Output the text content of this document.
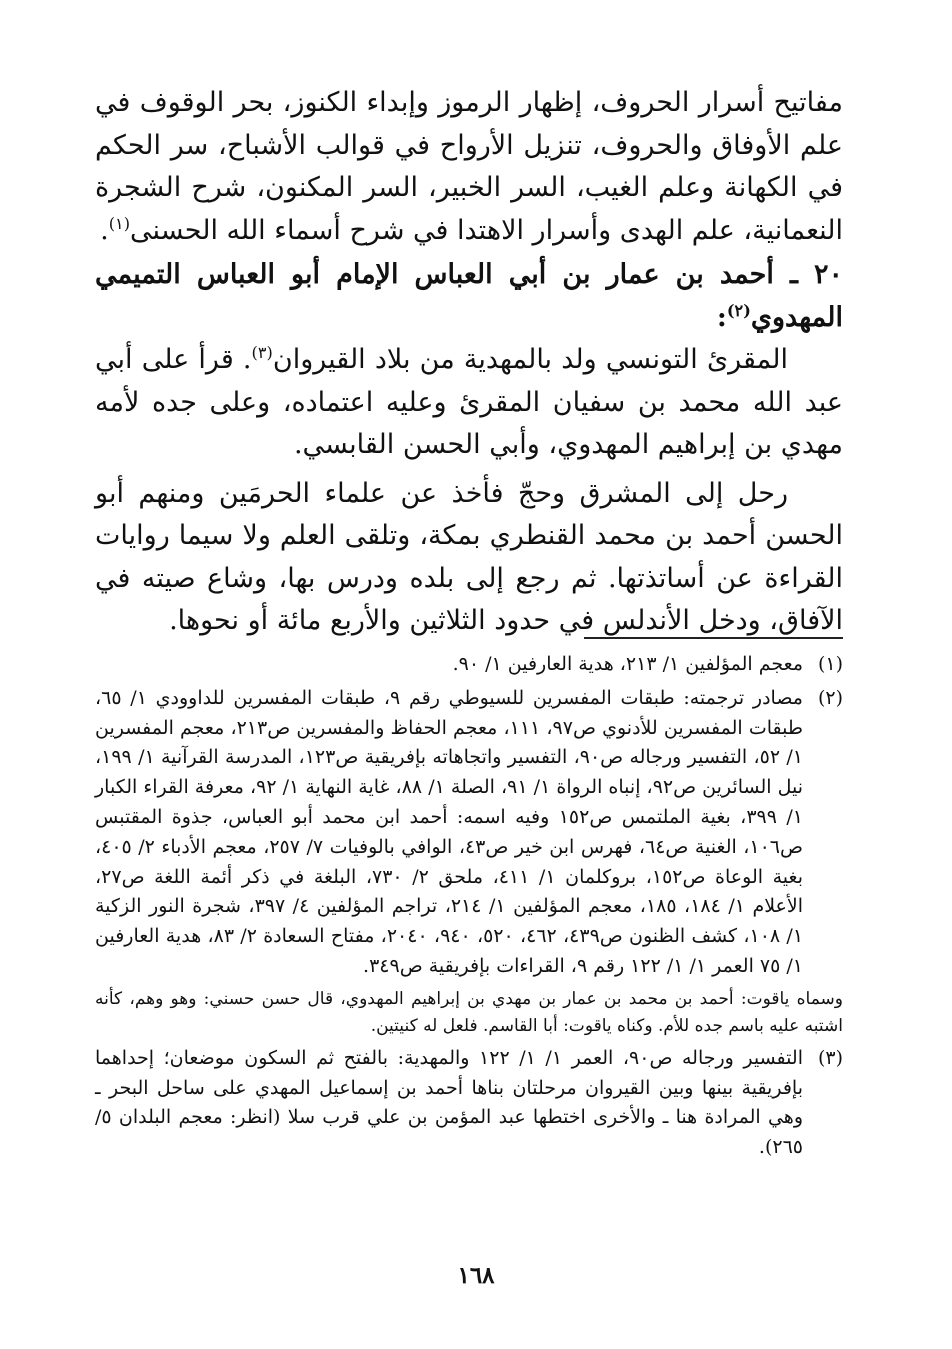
مفاتيح أسرار الحروف، إظهار الرموز وإبداء الكنوز، بحر الوقوف في علم الأوفاق والحروف، تنزيل الأرواح في قوالب الأشباح، سر الحكم في الكهانة وعلم الغيب، السر الخبير، السر المكنون، شرح الشجرة النعمانية، علم الهدى وأسرار الاهتدا في شرح أسماء الله الحسنى$^{(١)}$.

٢٠ ـ أحمد بن عمار بن أبي العباس الإمام أبو العباس التميمي المهدوي$^{(٢)}$:

المقرئ التونسي ولد بالمهدية من بلاد القيروان$^{(٣)}$. قرأ على أبي عبد الله محمد بن سفيان المقرئ وعليه اعتماده، وعلى جده لأمه مهدي بن إبراهيم المهدوي، وأبي الحسن القابسي.

رحل إلى المشرق وحجّ فأخذ عن علماء الحرمَين ومنهم أبو الحسن أحمد بن محمد القنطري بمكة، وتلقى العلم ولا سيما روايات القراءة عن أساتذتها. ثم رجع إلى بلده ودرس بها، وشاع صيته في الآفاق، ودخل الأندلس في حدود الثلاثين والأربع مائة أو نحوها.

(١)
معجم المؤلفين ١/ ٢١٣، هدية العارفين ١/ ٩٠.
(٢)
مصادر ترجمته: طبقات المفسرين للسيوطي رقم ٩، طبقات المفسرين للداوودي ١/ ٦٥، طبقات المفسرين للأدنوي ص٩٧، ١١١، معجم الحفاظ والمفسرين ص٢١٣، معجم المفسرين ١/ ٥٢، التفسير ورجاله ص٩٠، التفسير واتجاهاته بإفريقية ص١٢٣، المدرسة القرآنية ١/ ١٩٩، نيل السائرين ص٩٢، إنباه الرواة ١/ ٩١، الصلة ١/ ٨٨، غاية النهاية ١/ ٩٢، معرفة القراء الكبار ١/ ٣٩٩، بغية الملتمس ص١٥٢ وفيه اسمه: أحمد ابن محمد أبو العباس، جذوة المقتبس ص١٠٦، الغنية ص٦٤، فهرس ابن خير ص٤٣، الوافي بالوفيات ٧/ ٢٥٧، معجم الأدباء ٢/ ٤٠٥، بغية الوعاة ص١٥٢، بروكلمان ١/ ٤١١، ملحق ٢/ ٧٣٠، البلغة في ذكر أئمة اللغة ص٢٧، الأعلام ١/ ١٨٤، ١٨٥، معجم المؤلفين ١/ ٢١٤، تراجم المؤلفين ٤/ ٣٩٧، شجرة النور الزكية ١/ ١٠٨، كشف الظنون ص٤٣٩، ٤٦٢، ٥٢٠، ٩٤٠، ٢٠٤٠، مفتاح السعادة ٢/ ٨٣، هدية العارفين ١/ ٧٥ العمر ١/ ١/ ١٢٢ رقم ٩، القراءات بإفريقية ص٣٤٩.
وسماه ياقوت: أحمد بن محمد بن عمار بن مهدي بن إبراهيم المهدوي، قال حسن حسني: وهو وهم، كأنه اشتبه عليه باسم جده للأم. وكناه ياقوت: أبا القاسم. فلعل له كنيتين.
(٣)
التفسير ورجاله ص٩٠، العمر ١/ ١/ ١٢٢ والمهدية: بالفتح ثم السكون موضعان؛ إحداهما بإفريقية بينها وبين القيروان مرحلتان بناها أحمد بن إسماعيل المهدي على ساحل البحر ـ وهي المرادة هنا ـ والأخرى اختطها عبد المؤمن بن علي قرب سلا (انظر: معجم البلدان ٥/ ٢٦٥).
١٦٨
